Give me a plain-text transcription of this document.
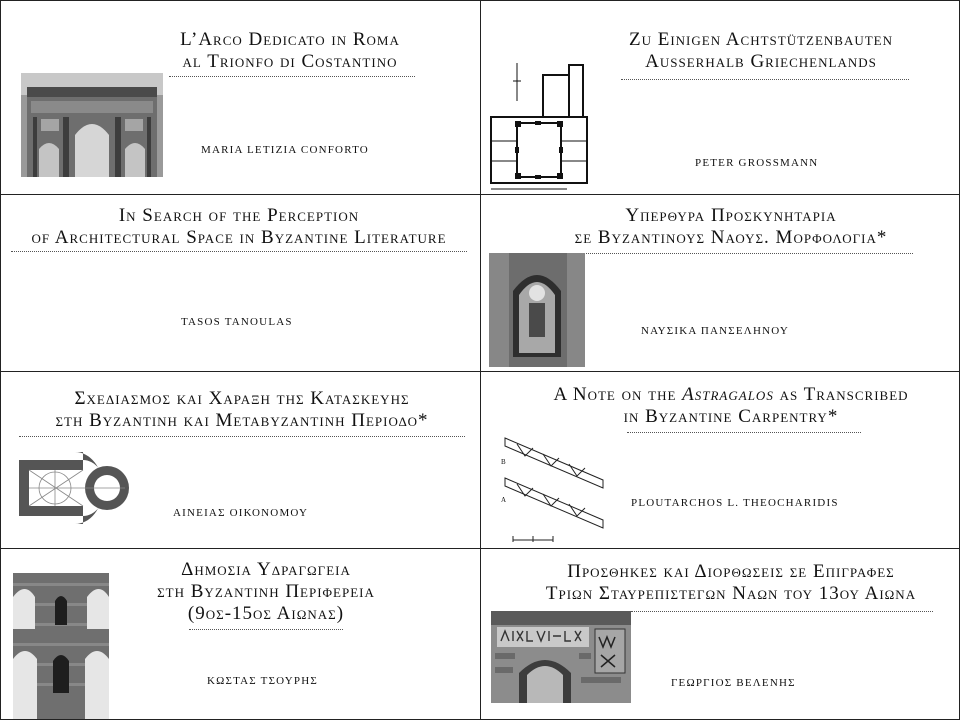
L’Arco Dedicato in Roma
al Trionfo di Costantino
MARIA LETIZIA CONFORTO
Zu Einigen Achtstützenbauten
Ausserhalb Griechenlands
PETER GROSSMANN
In Search of the Perception
of Architectural Space in Byzantine Literature
TASOS TANOULAS
Υπερθυρα Προσκυνηταρια
σε Βυζαντινους Ναους. Μορφολογια*
ΝΑΥΣΙΚΑ ΠΑΝΣΕΛΗΝΟΥ
Σχεδιασμος και Χαραξη της Κατασκευης
στη Βυζαντινη και Μεταβυζαντινη Περιοδο*
ΑΙΝΕΙΑΣ ΟΙΚΟΝΟΜΟΥ
A Note on the Astragalos as Transcribed
in Byzantine Carpentry*
B
A	PLOUTARCHOS L. THEOCHARIDIS
Δημοσια Υδραγωγεια
στη Βυζαντινη Περιφερεια
(9ος-15ος Αιωνας)
ΚΩΣΤΑΣ ΤΣΟΥΡΗΣ
Προσθηκες και Διορθωσεις σε Επιγραφες
Τριων Σταυρεπιστεγων Ναων του 13ου Αιωνα
ΓΕΩΡΓΙΟΣ ΒΕΛΕΝΗΣ
